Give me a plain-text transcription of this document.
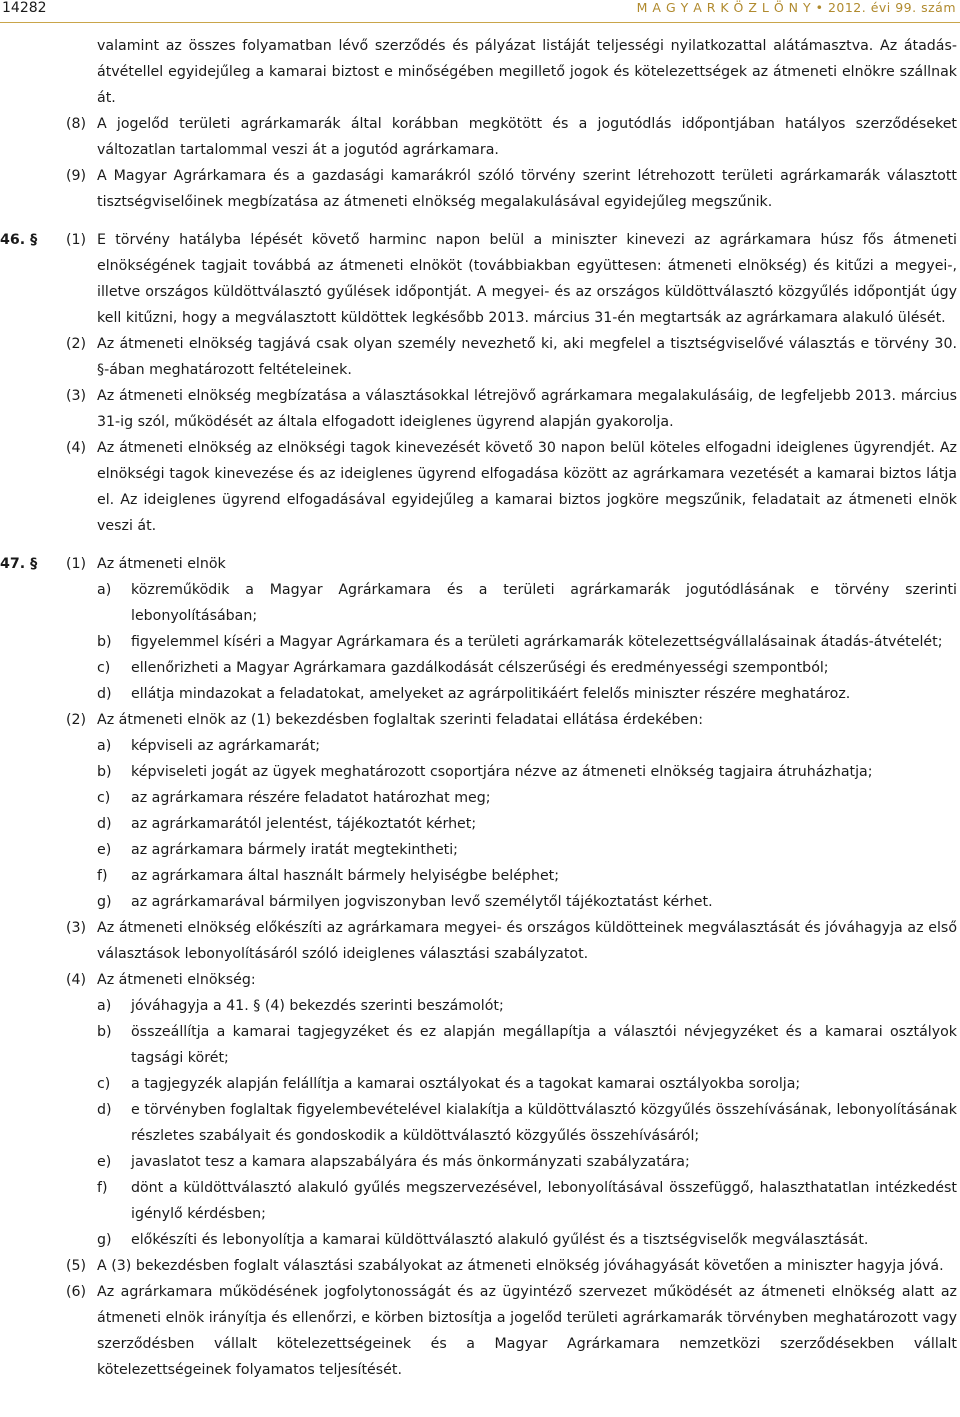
14282	M A G Y A R K Ö Z L Ö N Y • 2012. évi 99. szám
valamint az összes folyamatban lévő szerződés és pályázat listáját teljességi nyilatkozattal alátámasztva. Az átadás-átvétellel egyidejűleg a kamarai biztost e minőségében megillető jogok és kötelezettségek az átmeneti elnökre szállnak át.
(8) A jogelőd területi agrárkamarák által korábban megkötött és a jogutódlás időpontjában hatályos szerződéseket változatlan tartalommal veszi át a jogutód agrárkamara.
(9) A Magyar Agrárkamara és a gazdasági kamarákról szóló törvény szerint létrehozott területi agrárkamarák választott tisztségviselőinek megbízatása az átmeneti elnökség megalakulásával egyidejűleg megszűnik.
46. §	(1) E törvény hatályba lépését követő harminc napon belül a miniszter kinevezi az agrárkamara húsz fős átmeneti elnökségének tagjait továbbá az átmeneti elnököt (továbbiakban együttesen: átmeneti elnökség) és kitűzi a megyei-, illetve országos küldöttválasztó gyűlések időpontját. A megyei- és az országos küldöttválasztó közgyűlés időpontját úgy kell kitűzni, hogy a megválasztott küldöttek legkésőbb 2013. március 31-én megtartsák az agrárkamara alakuló ülését.
(2) Az átmeneti elnökség tagjává csak olyan személy nevezhető ki, aki megfelel a tisztségviselővé választás e törvény 30. §-ában meghatározott feltételeinek.
(3) Az átmeneti elnökség megbízatása a választásokkal létrejövő agrárkamara megalakulásáig, de legfeljebb 2013. március 31-ig szól, működését az általa elfogadott ideiglenes ügyrend alapján gyakorolja.
(4) Az átmeneti elnökség az elnökségi tagok kinevezését követő 30 napon belül köteles elfogadni ideiglenes ügyrendjét. Az elnökségi tagok kinevezése és az ideiglenes ügyrend elfogadása között az agrárkamara vezetését a kamarai biztos látja el. Az ideiglenes ügyrend elfogadásával egyidejűleg a kamarai biztos jogköre megszűnik, feladatait az átmeneti elnök veszi át.
47. §	(1) Az átmeneti elnök
a) közreműködik a Magyar Agrárkamara és a területi agrárkamarák jogutódlásának e törvény szerinti lebonyolításában;
b) figyelemmel kíséri a Magyar Agrárkamara és a területi agrárkamarák kötelezettségvállalásainak átadás-átvételét;
c) ellenőrizheti a Magyar Agrárkamara gazdálkodását célszerűségi és eredményességi szempontból;
d) ellátja mindazokat a feladatokat, amelyeket az agrárpolitikáért felelős miniszter részére meghatároz.
(2) Az átmeneti elnök az (1) bekezdésben foglaltak szerinti feladatai ellátása érdekében:
a) képviseli az agrárkamarát;
b) képviseleti jogát az ügyek meghatározott csoportjára nézve az átmeneti elnökség tagjaira átruházhatja;
c) az agrárkamara részére feladatot határozhat meg;
d) az agrárkamarától jelentést, tájékoztatót kérhet;
e) az agrárkamara bármely iratát megtekintheti;
f) az agrárkamara által használt bármely helyiségbe beléphet;
g) az agrárkamarával bármilyen jogviszonyban levő személytől tájékoztatást kérhet.
(3) Az átmeneti elnökség előkészíti az agrárkamara megyei- és országos küldötteinek megválasztását és jóváhagyja az első választások lebonyolításáról szóló ideiglenes választási szabályzatot.
(4) Az átmeneti elnökség:
a) jóváhagyja a 41. § (4) bekezdés szerinti beszámolót;
b) összeállítja a kamarai tagjegyzéket és ez alapján megállapítja a választói névjegyzéket és a kamarai osztályok tagsági körét;
c) a tagjegyzék alapján felállítja a kamarai osztályokat és a tagokat kamarai osztályokba sorolja;
d) e törvényben foglaltak figyelembevételével kialakítja a küldöttválasztó közgyűlés összehívásának, lebonyolításának részletes szabályait és gondoskodik a küldöttválasztó közgyűlés összehívásáról;
e) javaslatot tesz a kamara alapszabályára és más önkormányzati szabályzatára;
f) dönt a küldöttválasztó alakuló gyűlés megszervezésével, lebonyolításával összefüggő, halaszthatatlan intézkedést igénylő kérdésben;
g) előkészíti és lebonyolítja a kamarai küldöttválasztó alakuló gyűlést és a tisztségviselők megválasztását.
(5) A (3) bekezdésben foglalt választási szabályokat az átmeneti elnökség jóváhagyását követően a miniszter hagyja jóvá.
(6) Az agrárkamara működésének jogfolytonosságát és az ügyintéző szervezet működését az átmeneti elnökség alatt az átmeneti elnök irányítja és ellenőrzi, e körben biztosítja a jogelőd területi agrárkamarák törvényben meghatározott vagy szerződésben vállalt kötelezettségeinek és a Magyar Agrárkamara nemzetközi szerződésekben vállalt kötelezettségeinek folyamatos teljesítését.
